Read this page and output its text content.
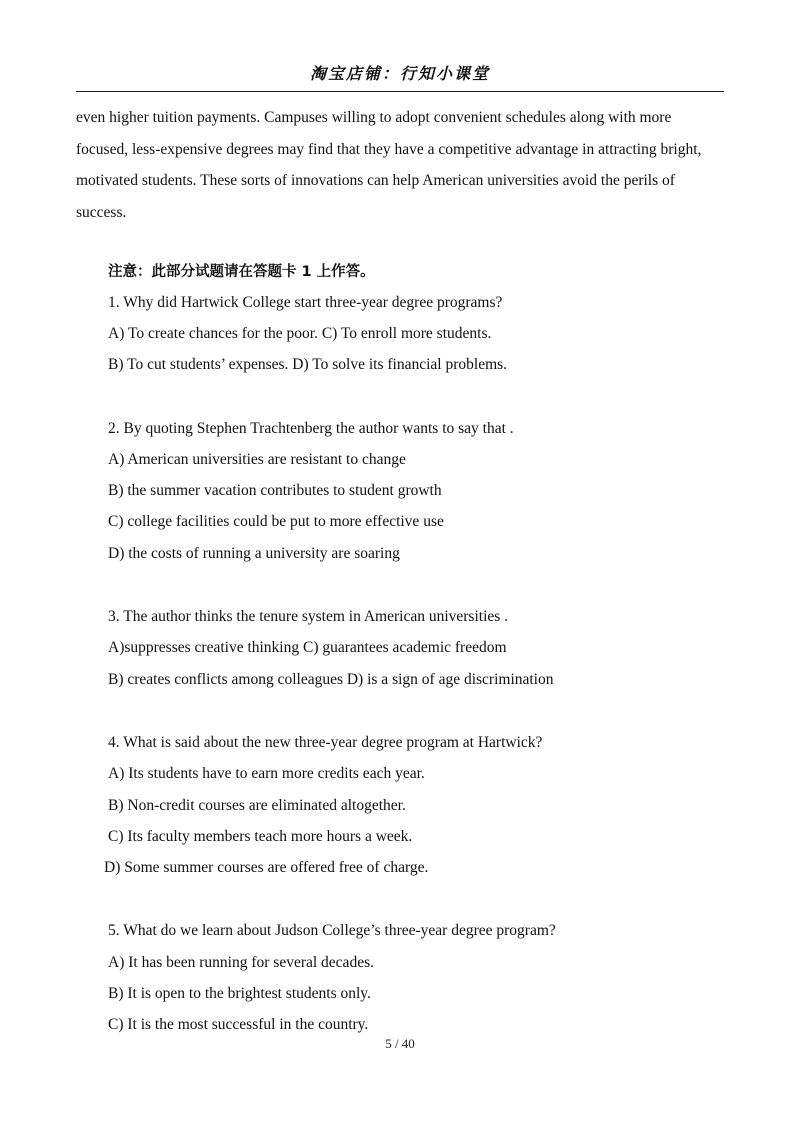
淘宝店铺：行知小课堂

even higher tuition payments. Campuses willing to adopt convenient schedules along with more

focused, less-expensive degrees may find that they have a competitive advantage in attracting bright,

motivated students. These sorts of innovations can help American universities avoid the perils of

success.

注意：此部分试题请在答题卡 1 上作答。
1. Why did Hartwick College start three-year degree programs?
A) To create chances for the poor. C) To enroll more students.
B) To cut students’ expenses. D) To solve its financial problems.
2. By quoting Stephen Trachtenberg the author wants to say that .
A) American universities are resistant to change
B) the summer vacation contributes to student growth
C) college facilities could be put to more effective use
D) the costs of running a university are soaring
3. The author thinks the tenure system in American universities .
A)suppresses creative thinking C) guarantees academic freedom
B) creates conflicts among colleagues D) is a sign of age discrimination
4. What is said about the new three-year degree program at Hartwick?
A) Its students have to earn more credits each year.
B) Non-credit courses are eliminated altogether.
C) Its faculty members teach more hours a week.
D) Some summer courses are offered free of charge.
5. What do we learn about Judson College’s three-year degree program?
A) It has been running for several decades.
B) It is open to the brightest students only.
C) It is the most successful in the country.
5 / 40
